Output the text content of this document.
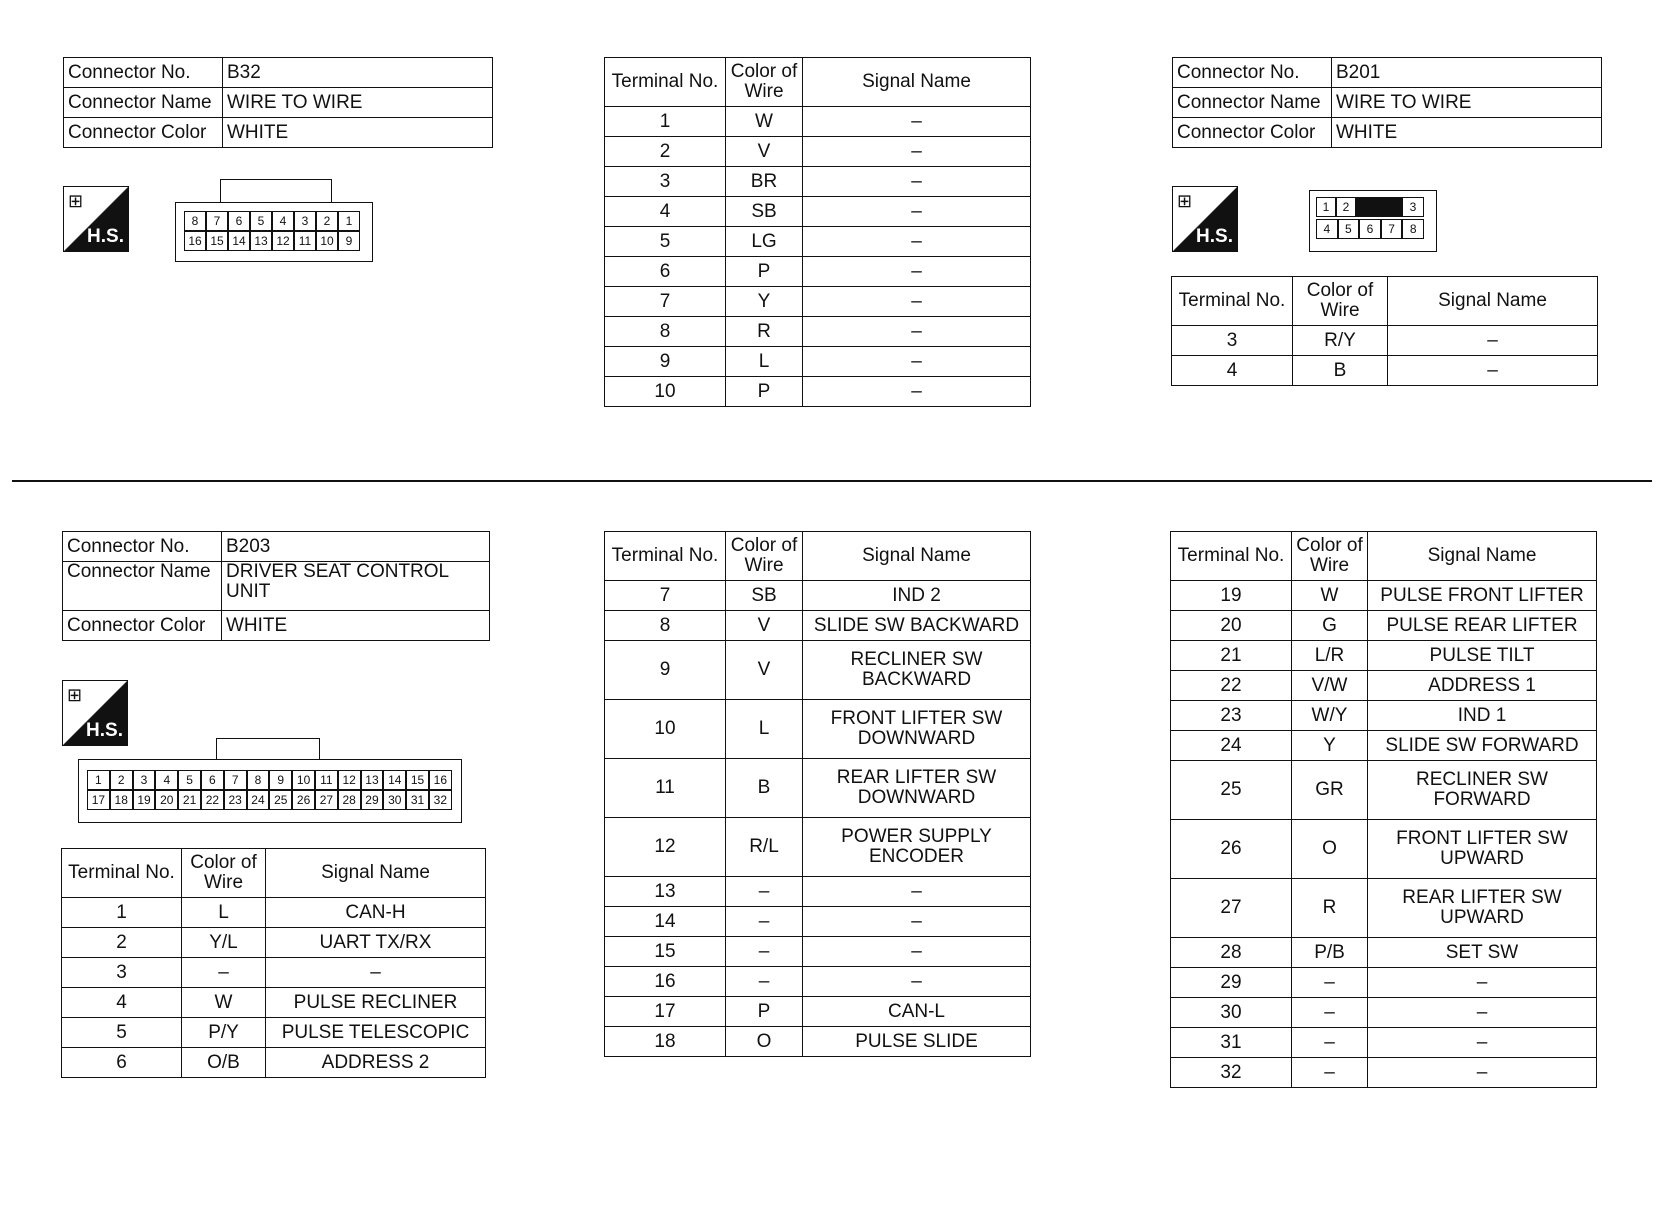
Connector No.	B32
Connector Name	WIRE TO WIRE
Connector Color	WHITE
⊞
H.S.
8	7	6	5	4	3	2	1
16 15 14 13 12 11 10 9
Terminal No.	Color of Wire	Signal Name
1	W	–
2	V	–
3	BR	–
4	SB	–
5	LG	–
6	P	–
7	Y	–
8	R	–
9	L	–
10	P	–
Connector No.	B201
Connector Name	WIRE TO WIRE
Connector Color	WHITE
⊞
H.S.
1	2	3
4	5	6	7	8
Terminal No.	Color of Wire	Signal Name
3	R/Y	–
4	B	–
Connector No.	B203
Connector Name	DRIVER SEAT CONTROL UNIT
Connector Color	WHITE
⊞
H.S.
1	2	3	4	5	6	7	8	9	10 11 12 13 14 15 16
17 18 19 20 21 22 23 24 25 26 27 28 29 30 31 32
Terminal No.	Color of Wire	Signal Name
1	L	CAN-H
2	Y/L	UART TX/RX
3	–	–
4	W	PULSE RECLINER
5	P/Y	PULSE TELESCOPIC
6	O/B	ADDRESS 2
Terminal No.	Color of Wire	Signal Name
7	SB	IND 2
8	V	SLIDE SW BACKWARD
9	V	RECLINER SW BACKWARD
10	L	FRONT LIFTER SW DOWNWARD
11	B	REAR LIFTER SW DOWNWARD
12	R/L	POWER SUPPLY ENCODER
13	–	–
14	–	–
15	–	–
16	–	–
17	P	CAN-L
18	O	PULSE SLIDE
Terminal No.	Color of Wire	Signal Name
19	W	PULSE FRONT LIFTER
20	G	PULSE REAR LIFTER
21	L/R	PULSE TILT
22	V/W	ADDRESS 1
23	W/Y	IND 1
24	Y	SLIDE SW FORWARD
25	GR	RECLINER SW FORWARD
26	O	FRONT LIFTER SW UPWARD
27	R	REAR LIFTER SW UPWARD
28	P/B	SET SW
29	–	–
30	–	–
31	–	–
32	–	–
